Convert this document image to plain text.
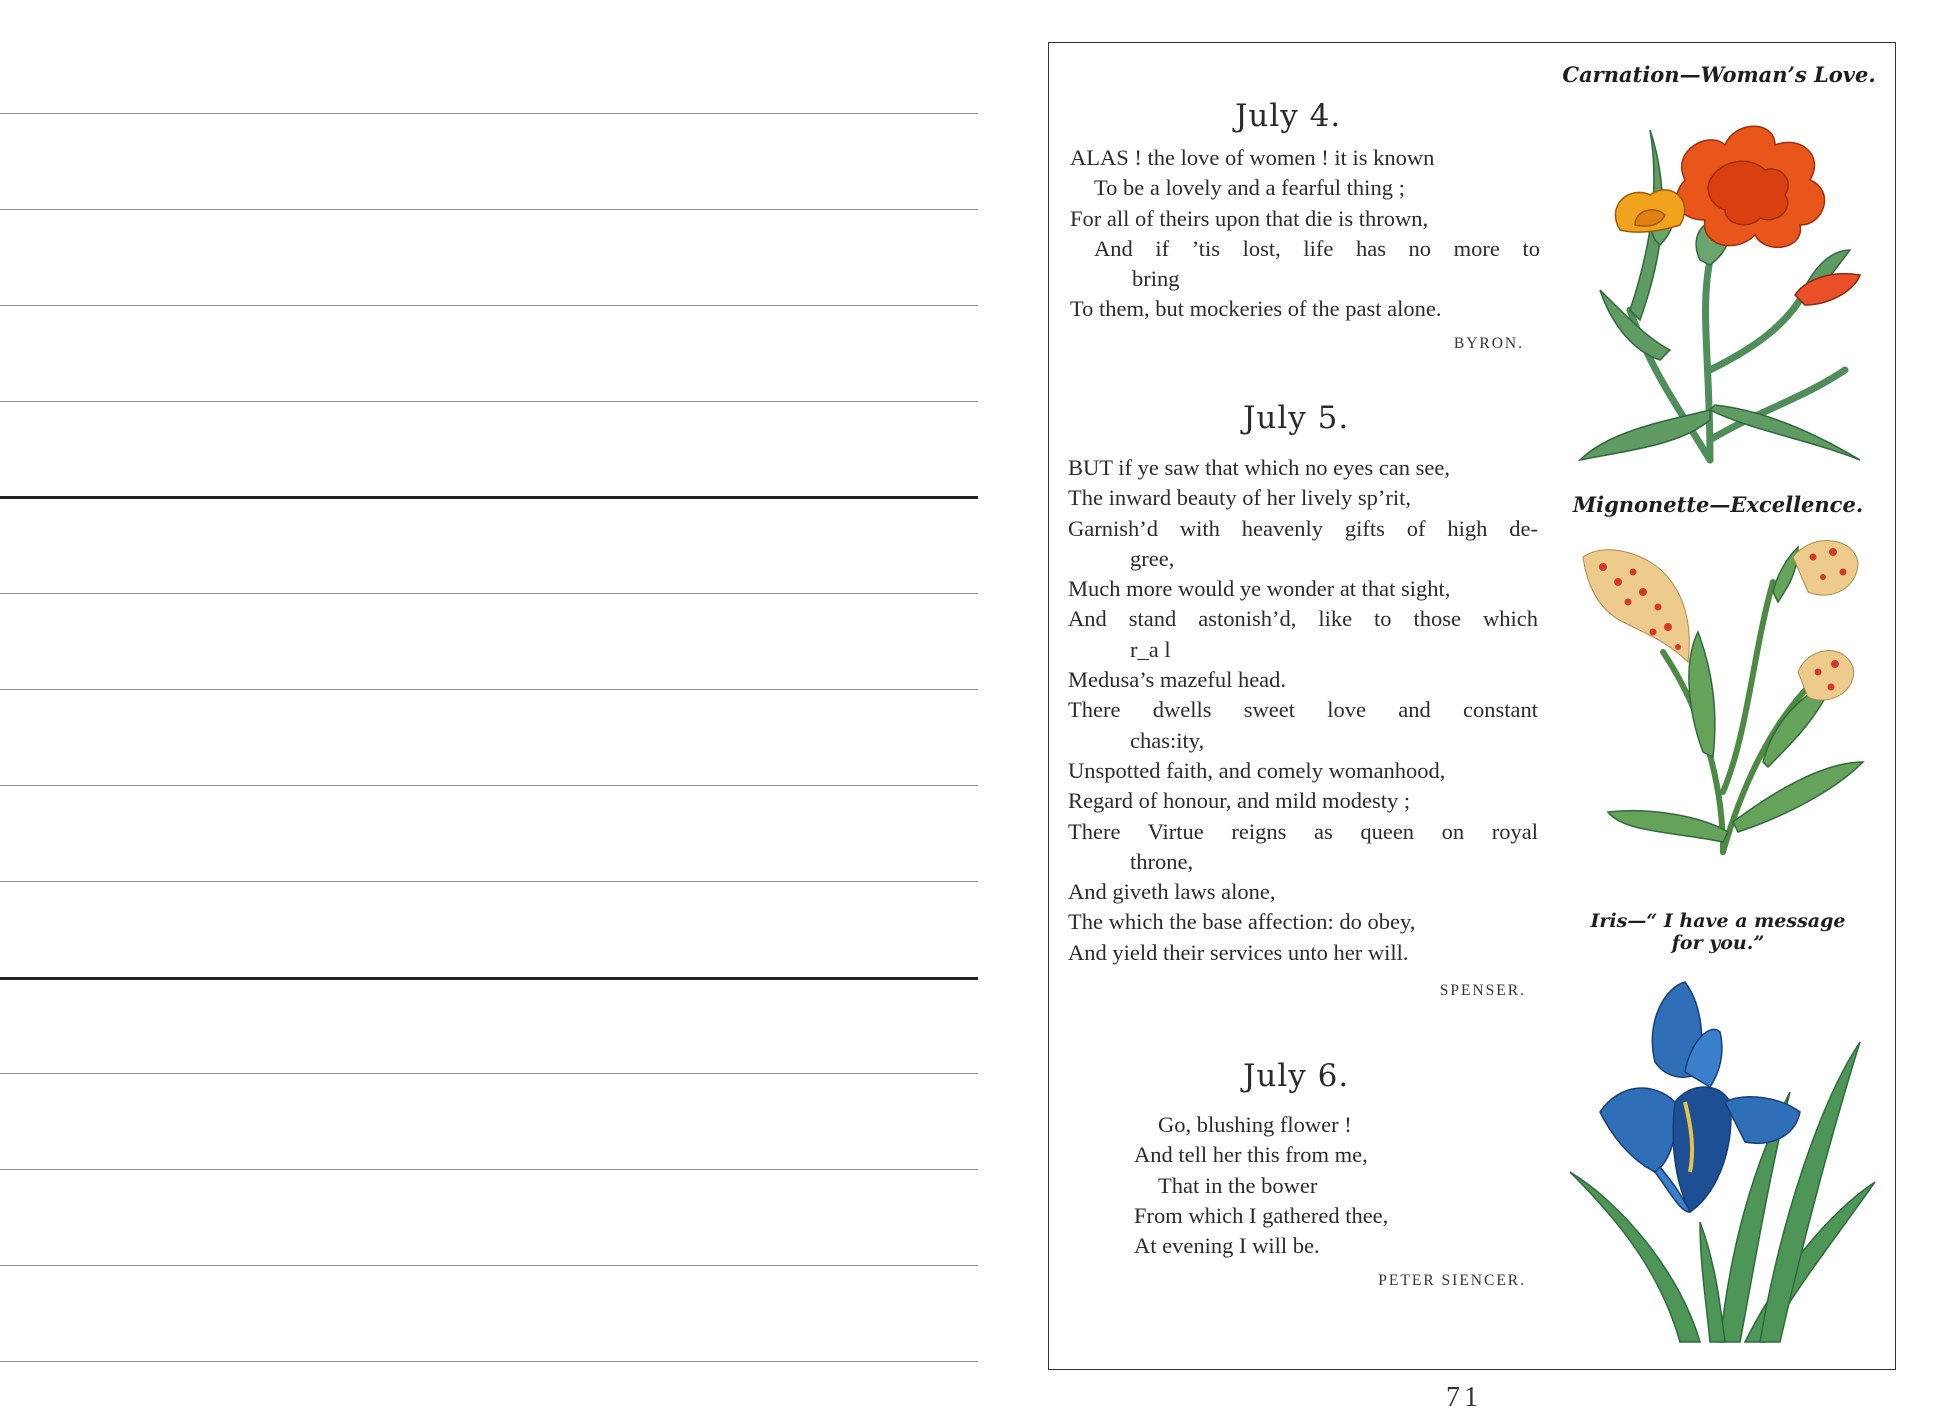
July 4.
ALAS ! the love of women ! it is known
To be a lovely and a fearful thing ;
For all of theirs upon that die is thrown,
And if ’tis lost, life has no more to
bring
To them, but mockeries of the past alone.
BYRON.
July 5.
BUT if ye saw that which no eyes can see,
The inward beauty of her lively sp’rit,
Garnish’d with heavenly gifts of high de-
gree,
Much more would ye wonder at that sight,
And stand astonish’d, like to those which
r_a l
Medusa’s mazeful head.
There dwells sweet love and constant
chas:ity,
Unspotted faith, and comely womanhood,
Regard of honour, and mild modesty ;
There Virtue reigns as queen on royal
throne,
And giveth laws alone,
The which the base affection: do obey,
And yield their services unto her will.
SPENSER.
July 6.
Go, blushing flower !
And tell her this from me,
That in the bower
From which I gathered thee,
At evening I will be.
PETER SIENCER.
Carnation—Woman’s Love.
Mignonette—Excellence.
Iris—“ I have a message
for you.”
71
